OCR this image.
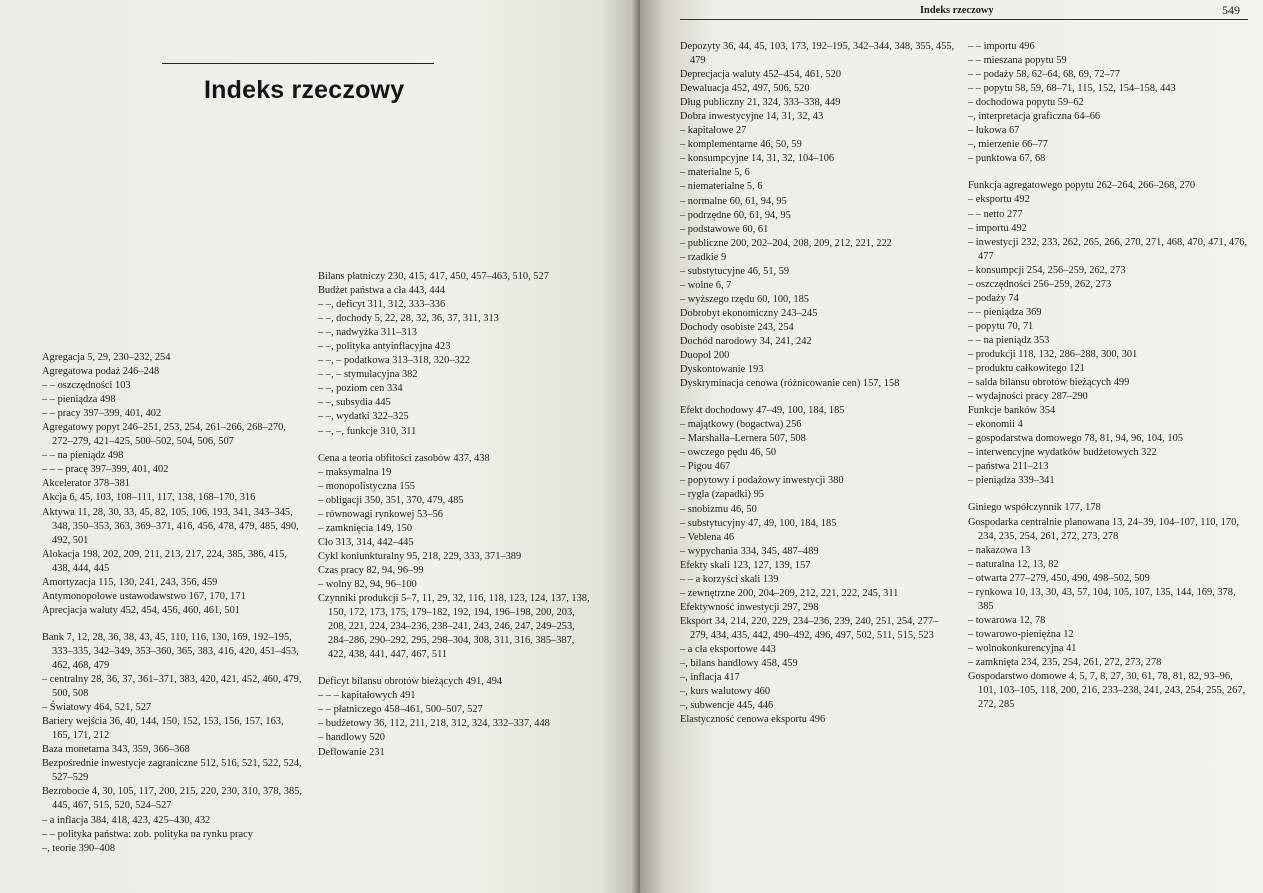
Indeks rzeczowy
Agregacja 5, 29, 230–232, 254
Agregatowa podaż 246–248
– – oszczędności 103
– – pieniądza 498
– – pracy 397–399, 401, 402
Agregatowy popyt 246–251, 253, 254, 261–266, 268–270, 272–279, 421–425, 500–502, 504, 506, 507
– – na pieniądz 498
– – – pracę 397–399, 401, 402
Akcelerator 378–381
Akcja 6, 45, 103, 108–111, 117, 138, 168–170, 316
Aktywa 11, 28, 30, 33, 45, 82, 105, 106, 193, 341, 343–345, 348, 350–353, 363, 369–371, 416, 456, 478, 479, 485, 490, 492, 501
Alokacja 198, 202, 209, 211, 213, 217, 224, 385, 386, 415, 438, 444, 445
Amortyzacja 115, 130, 241, 243, 356, 459
Antymonopolowe ustawodawstwo 167, 170, 171
Aprecjacja waluty 452, 454, 456, 460, 461, 501
Bank 7, 12, 28, 36, 38, 43, 45, 110, 116, 130, 169, 192–195, 333–335, 342–349, 353–360, 365, 383, 416, 420, 451–453, 462, 468, 479
– centralny 28, 36, 37, 361–371, 383, 420, 421, 452, 460, 479, 500, 508
– Światowy 464, 521, 527
Bariery wejścia 36, 40, 144, 150, 152, 153, 156, 157, 163, 165, 171, 212
Baza monetarna 343, 359, 366–368
Bezpośrednie inwestycje zagraniczne 512, 516, 521, 522, 524, 527–529
Bezrobocie 4, 30, 105, 117, 200, 215, 220, 230, 310, 378, 385, 445, 467, 515, 520, 524–527
– a inflacja 384, 418, 423, 425–430, 432
– – polityka państwa: zob. polityka na rynku pracy
–, teorie 390–408
Bilans płatniczy 230, 415, 417, 450, 457–463, 510, 527
Budżet państwa a cła 443, 444
– –, deficyt 311, 312, 333–336
– –, dochody 5, 22, 28, 32, 36, 37, 311, 313
– –, nadwyżka 311–313
– –, polityka antyinflacyjna 423
– –, – podatkowa 313–318, 320–322
– –, – stymulacyjna 382
– –, poziom cen 334
– –, subsydia 445
– –, wydatki 322–325
– –, –, funkcje 310, 311
Cena a teoria obfitości zasobów 437, 438
– maksymalna 19
– monopolistyczna 155
– obligacji 350, 351, 370, 479, 485
– równowagi rynkowej 53–56
– zamknięcia 149, 150
Cło 313, 314, 442–445
Cykl koniunkturalny 95, 218, 229, 333, 371–389
Czas pracy 82, 94, 96–99
– wolny 82, 94, 96–100
Czynniki produkcji 5–7, 11, 29, 32, 116, 118, 123, 124, 137, 138, 150, 172, 173, 175, 179–182, 192, 194, 196–198, 200, 203, 208, 221, 224, 234–236, 238–241, 243, 246, 247, 249–253, 284–286, 290–292, 295, 298–304, 308, 311, 316, 385–387, 422, 438, 441, 447, 467, 511
Deficyt bilansu obrotów bieżących 491, 494
– – – kapitałowych 491
– – płatniczego 458–461, 500–507, 527
– budżetowy 36, 112, 211, 218, 312, 324, 332–337, 448
– handlowy 520
Deflowanie 231
Indeks rzeczowy	549
Depozyty 36, 44, 45, 103, 173, 192–195, 342–344, 348, 355, 455, 479
Deprecjacja waluty 452–454, 461, 520
Dewaluacja 452, 497, 506, 520
Dług publiczny 21, 324, 333–338, 449
Dobra inwestycyjne 14, 31, 32, 43
– kapitałowe 27
– komplementarne 46, 50, 59
– konsumpcyjne 14, 31, 32, 104–106
– materialne 5, 6
– niematerialne 5, 6
– normalne 60, 61, 94, 95
– podrzędne 60, 61, 94, 95
– podstawowe 60, 61
– publiczne 200, 202–204, 208, 209, 212, 221, 222
– rzadkie 9
– substytucyjne 46, 51, 59
– wolne 6, 7
– wyższego rzędu 60, 100, 185
Dobrobyt ekonomiczny 243–245
Dochody osobiste 243, 254
Dochód narodowy 34, 241, 242
Duopol 200
Dyskontowanie 193
Dyskryminacja cenowa (różnicowanie cen) 157, 158
Efekt dochodowy 47–49, 100, 184, 185
– majątkowy (bogactwa) 256
– Marshalla–Lernera 507, 508
– owczego pędu 46, 50
– Pigou 467
– popytowy i podażowy inwestycji 380
– rygla (zapadki) 95
– snobizmu 46, 50
– substytucyjny 47, 49, 100, 184, 185
– Veblena 46
– wypychania 334, 345, 487–489
Efekty skali 123, 127, 139, 157
– – a korzyści skali 139
– zewnętrzne 200, 204–209, 212, 221, 222, 245, 311
Efektywność inwestycji 297, 298
Eksport 34, 214, 220, 229, 234–236, 239, 240, 251, 254, 277–279, 434, 435, 442, 490–492, 496, 497, 502, 511, 515, 523
– a cła eksportowe 443
–, bilans handlowy 458, 459
–, inflacja 417
–, kurs walutowy 460
–, subwencje 445, 446
Elastyczność cenowa eksportu 496
– – importu 496
– – mieszana popytu 59
– – podaży 58, 62–64, 68, 69, 72–77
– – popytu 58, 59, 68–71, 115, 152, 154–158, 443
– dochodowa popytu 59–62
–, interpretacja graficzna 64–66
– łukowa 67
–, mierzenie 66–77
– punktowa 67, 68
Funkcja agregatowego popytu 262–264, 266–268, 270
– eksportu 492
– – netto 277
– importu 492
– inwestycji 232, 233, 262, 265, 266, 270, 271, 468, 470, 471, 476, 477
– konsumpcji 254, 256–259, 262, 273
– oszczędności 256–259, 262, 273
– podaży 74
– – pieniądza 369
– popytu 70, 71
– – na pieniądz 353
– produkcji 118, 132, 286–288, 300, 301
– produktu całkowitego 121
– salda bilansu obrotów bieżących 499
– wydajności pracy 287–290
Funkcje banków 354
– ekonomii 4
– gospodarstwa domowego 78, 81, 94, 96, 104, 105
– interwencyjne wydatków budżetowych 322
– państwa 211–213
– pieniądza 339–341
Giniego współczynnik 177, 178
Gospodarka centralnie planowana 13, 24–39, 104–107, 110, 170, 234, 235, 254, 261, 272, 273, 278
– nakazowa 13
– naturalna 12, 13, 82
– otwarta 277–279, 450, 490, 498–502, 509
– rynkowa 10, 13, 30, 43, 57, 104, 105, 107, 135, 144, 169, 378, 385
– towarowa 12, 78
– towarowo-pieniężna 12
– wolnokonkurencyjna 41
– zamknięta 234, 235, 254, 261, 272, 273, 278
Gospodarstwo domowe 4, 5, 7, 8, 27, 30, 61, 78, 81, 82, 93–96, 101, 103–105, 118, 200, 216, 233–238, 241, 243, 254, 255, 267, 272, 285
